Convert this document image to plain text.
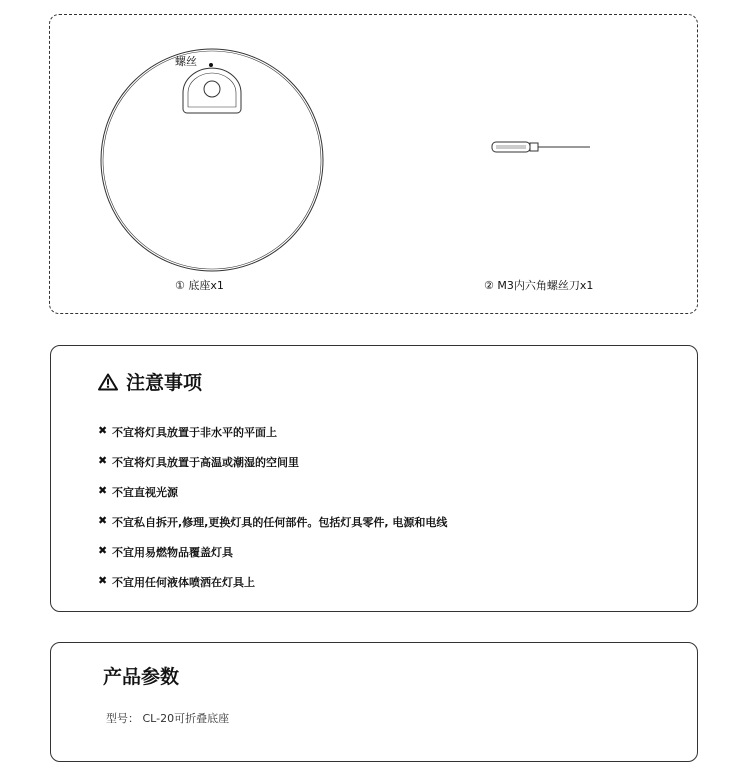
螺丝
① 底座x1	② M3内六角螺丝刀x1
注意事项
✖ 不宜将灯具放置于非水平的平面上
✖ 不宜将灯具放置于高温或潮湿的空间里
✖ 不宜直视光源
✖ 不宜私自拆开,修理,更换灯具的任何部件。包括灯具零件, 电源和电线
✖ 不宜用易燃物品覆盖灯具
✖ 不宜用任何液体喷洒在灯具上
产品参数
型号： CL-20可折叠底座
